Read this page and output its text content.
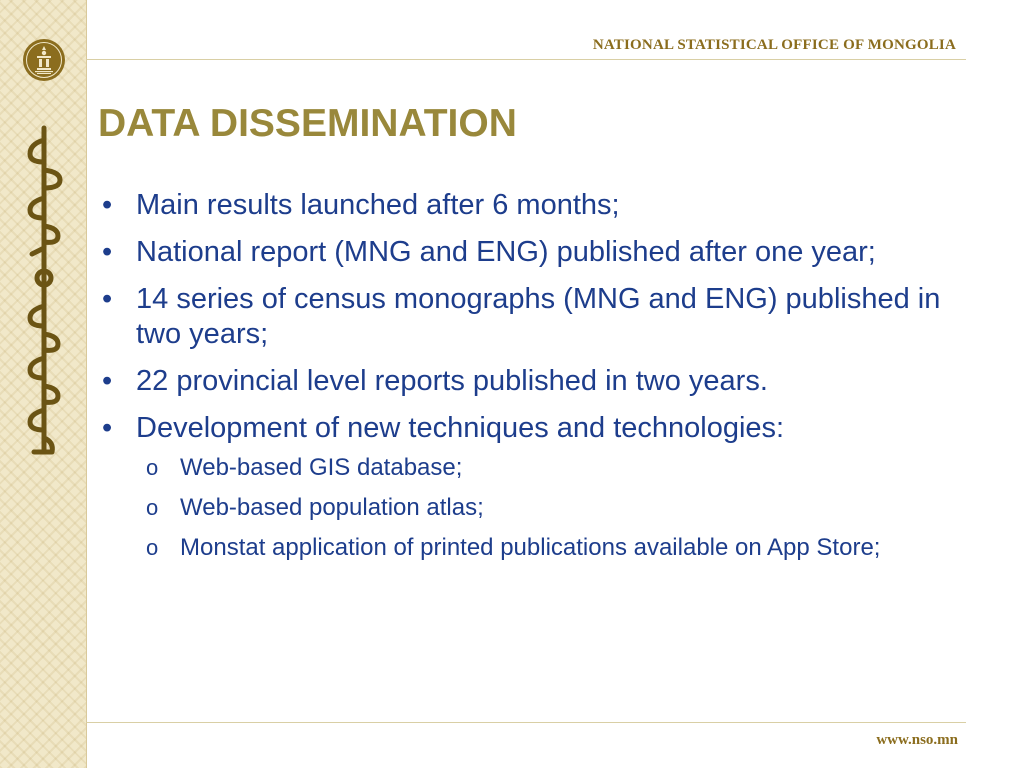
NATIONAL STATISTICAL OFFICE OF MONGOLIA
DATA DISSEMINATION
• Main results launched after 6 months;
• National report (MNG and ENG) published after one year;
• 14 series of census monographs (MNG and ENG) published in two years;
• 22 provincial level reports published in two years.
• Development of new techniques and technologies:
o Web-based GIS database;
o Web-based population atlas;
o Monstat application of printed publications available on App Store;
www.nso.mn
